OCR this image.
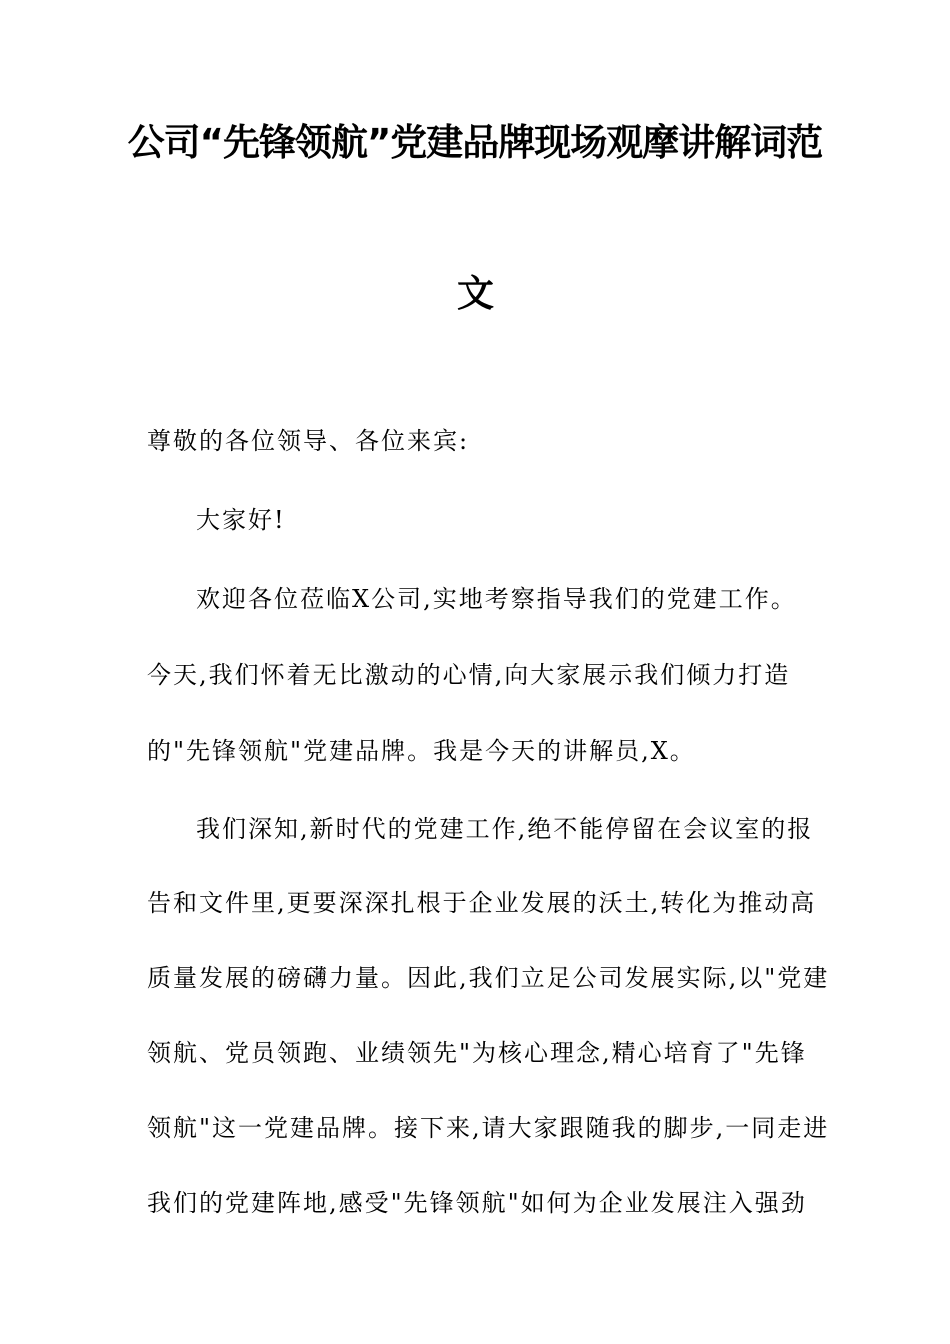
公司“先锋领航”党建品牌现场观摩讲解词范
文

尊敬的各位领导、各位来宾:

大家好!

欢迎各位莅临X公司,实地考察指导我们的党建工作。

今天,我们怀着无比激动的心情,向大家展示我们倾力打造

的"先锋领航"党建品牌。我是今天的讲解员,X。

我们深知,新时代的党建工作,绝不能停留在会议室的报

告和文件里,更要深深扎根于企业发展的沃土,转化为推动高

质量发展的磅礴力量。因此,我们立足公司发展实际,以"党建

领航、党员领跑、业绩领先"为核心理念,精心培育了"先锋

领航"这一党建品牌。接下来,请大家跟随我的脚步,一同走进

我们的党建阵地,感受"先锋领航"如何为企业发展注入强劲
